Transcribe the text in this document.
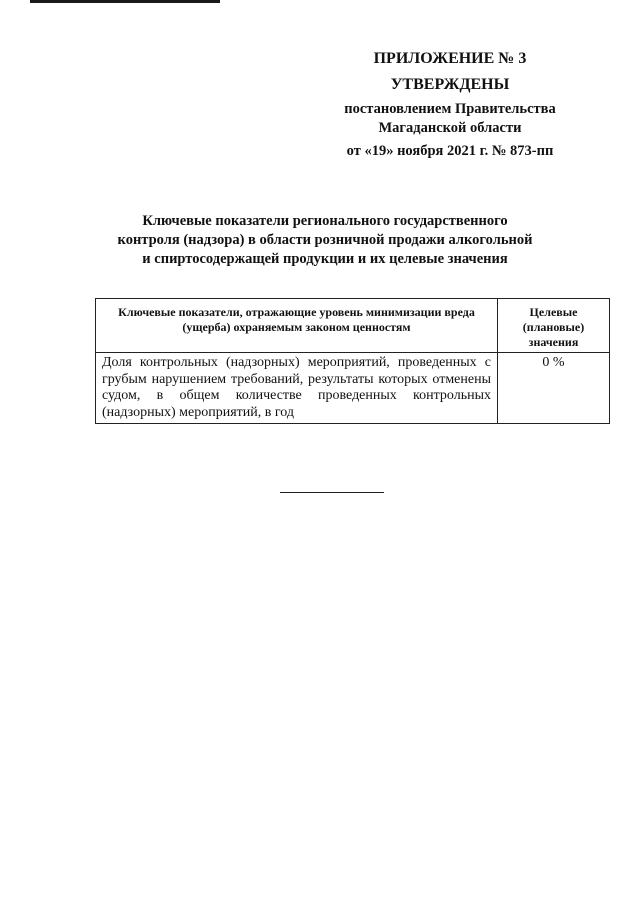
ПРИЛОЖЕНИЕ № 3
УТВЕРЖДЕНЫ
постановлением Правительства
Магаданской области
от «19» ноября 2021 г. № 873-пп
Ключевые показатели регионального государственного
контроля (надзора) в области розничной продажи алкогольной
и спиртосодержащей продукции и их целевые значения
Ключевые показатели, отражающие уровень минимизации вреда (ущерба) охраняемым законом ценностям	Целевые (плановые) значения
Доля контрольных (надзорных) мероприятий, проведенных с грубым нарушением требований, результаты которых отменены судом, в общем количестве проведенных контрольных (надзорных) мероприятий, в год	0 %
